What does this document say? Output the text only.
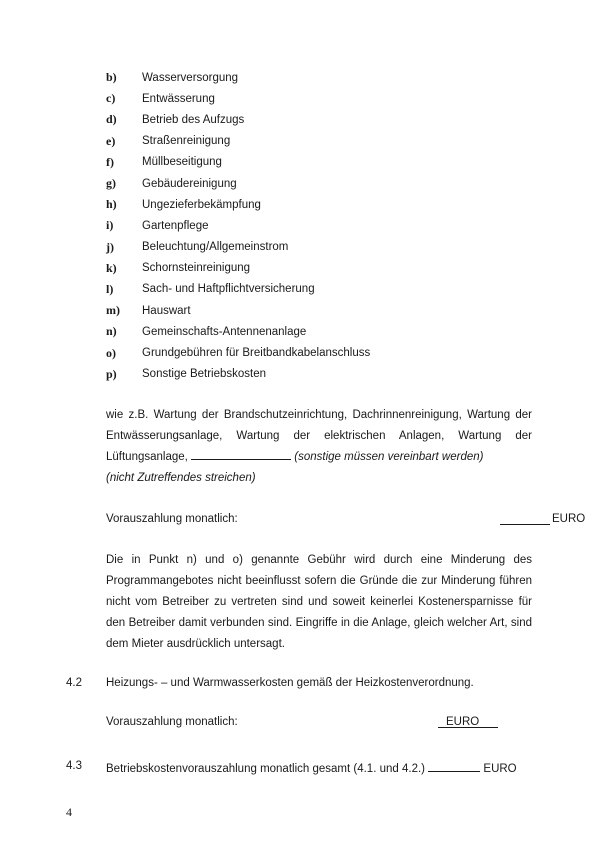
b)	Wasserversorgung
c)	Entwässerung
d)	Betrieb des Aufzugs
e)	Straßenreinigung
f)	Müllbeseitigung
g)	Gebäudereinigung
h)	Ungezieferbekämpfung
i)	Gartenpflege
j)	Beleuchtung/Allgemeinstrom
k)	Schornsteinreinigung
l)	Sach- und Haftpflichtversicherung
m)	Hauswart
n)	Gemeinschafts-Antennenanlage
o)	Grundgebühren für Breitbandkabelanschluss
p)	Sonstige Betriebskosten
wie z.B. Wartung der Brandschutzeinrichtung, Dachrinnenreinigung, Wartung der Entwässerungsanlage, Wartung der elektrischen Anlagen, Wartung der Lüftungsanlage,	(sonstige müssen vereinbart werden)
(nicht Zutreffendes streichen)
Vorauszahlung monatlich:	EURO
Die in Punkt n) und o) genannte Gebühr wird durch eine Minderung des Programmangebotes nicht beeinflusst sofern die Gründe die zur Minderung führen nicht vom Betreiber zu vertreten sind und soweit keinerlei Kostenersparnisse für den Betreiber damit verbunden sind. Eingriffe in die Anlage, gleich welcher Art, sind dem Mieter ausdrücklich untersagt.
4.2 Heizungs- – und Warmwasserkosten gemäß der Heizkostenverordnung.
Vorauszahlung monatlich:	EURO
4.3 Betriebskostenvorauszahlung monatlich gesamt (4.1. und 4.2.)	EURO
4
